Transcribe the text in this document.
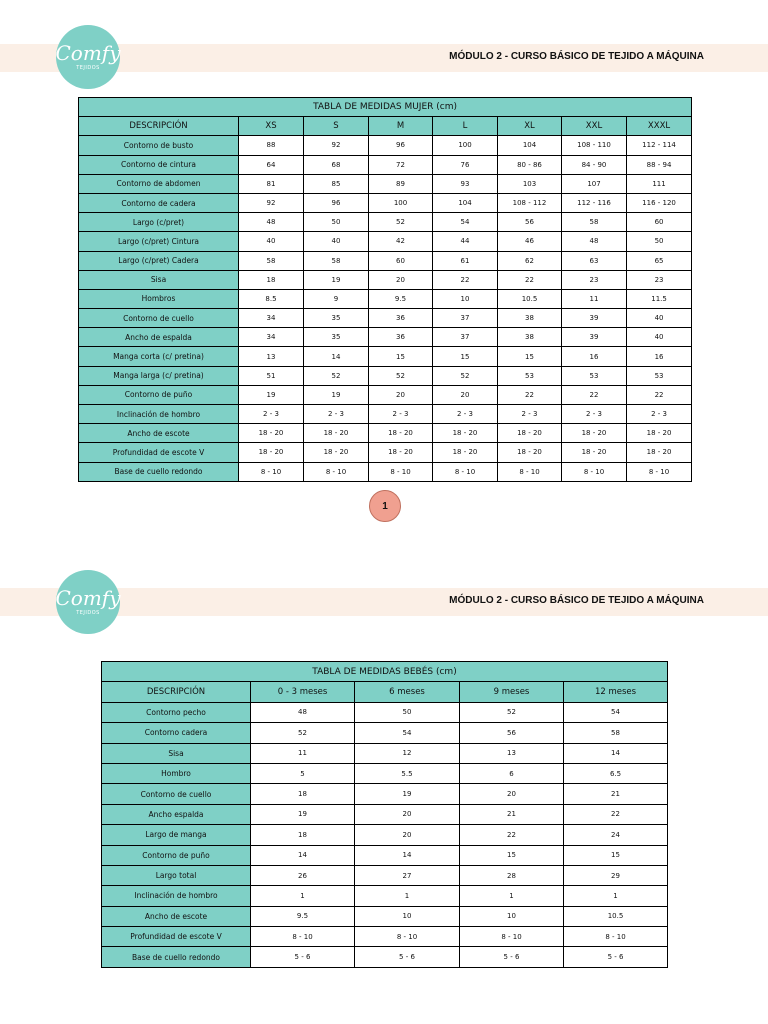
Comfy
TEJIDOS
MÓDULO 2 - CURSO BÁSICO DE TEJIDO A MÁQUINA
TABLA DE MEDIDAS MUJER (cm)							
DESCRIPCIÓN	XS	S	M	L	XL	XXL	XXXL
Contorno de busto	88	92	96	100	104	108 - 110	112 - 114
Contorno de cintura	64	68	72	76	80 - 86	84 - 90	88 - 94
Contorno de abdomen	81	85	89	93	103	107	111
Contorno de cadera	92	96	100	104	108 - 112	112 - 116	116 - 120
Largo (c/pret)	48	50	52	54	56	58	60
Largo (c/pret) Cintura	40	40	42	44	46	48	50
Largo (c/pret) Cadera	58	58	60	61	62	63	65
Sisa	18	19	20	22	22	23	23
Hombros	8.5	9	9.5	10	10.5	11	11.5
Contorno de cuello	34	35	36	37	38	39	40
Ancho de espalda	34	35	36	37	38	39	40
Manga corta (c/ pretina)	13	14	15	15	15	16	16
Manga larga (c/ pretina)	51	52	52	52	53	53	53
Contorno de puño	19	19	20	20	22	22	22
Inclinación de hombro	2 - 3	2 - 3	2 - 3	2 - 3	2 - 3	2 - 3	2 - 3
Ancho de escote	18 - 20	18 - 20	18 - 20	18 - 20	18 - 20	18 - 20	18 - 20
Profundidad de escote V	18 - 20	18 - 20	18 - 20	18 - 20	18 - 20	18 - 20	18 - 20
Base de cuello redondo	8 - 10	8 - 10	8 - 10	8 - 10	8 - 10	8 - 10	8 - 10
1
Comfy
TEJIDOS
MÓDULO 2 - CURSO BÁSICO DE TEJIDO A MÁQUINA
TABLA DE MEDIDAS BEBÉS (cm)				
DESCRIPCIÓN	0 - 3 meses	6 meses	9 meses	12 meses
Contorno pecho	48	50	52	54
Contorno cadera	52	54	56	58
Sisa	11	12	13	14
Hombro	5	5.5	6	6.5
Contorno de cuello	18	19	20	21
Ancho espalda	19	20	21	22
Largo de manga	18	20	22	24
Contorno de puño	14	14	15	15
Largo total	26	27	28	29
Inclinación de hombro	1	1	1	1
Ancho de escote	9.5	10	10	10.5
Profundidad de escote V	8 - 10	8 - 10	8 - 10	8 - 10
Base de cuello redondo	5 - 6	5 - 6	5 - 6	5 - 6
